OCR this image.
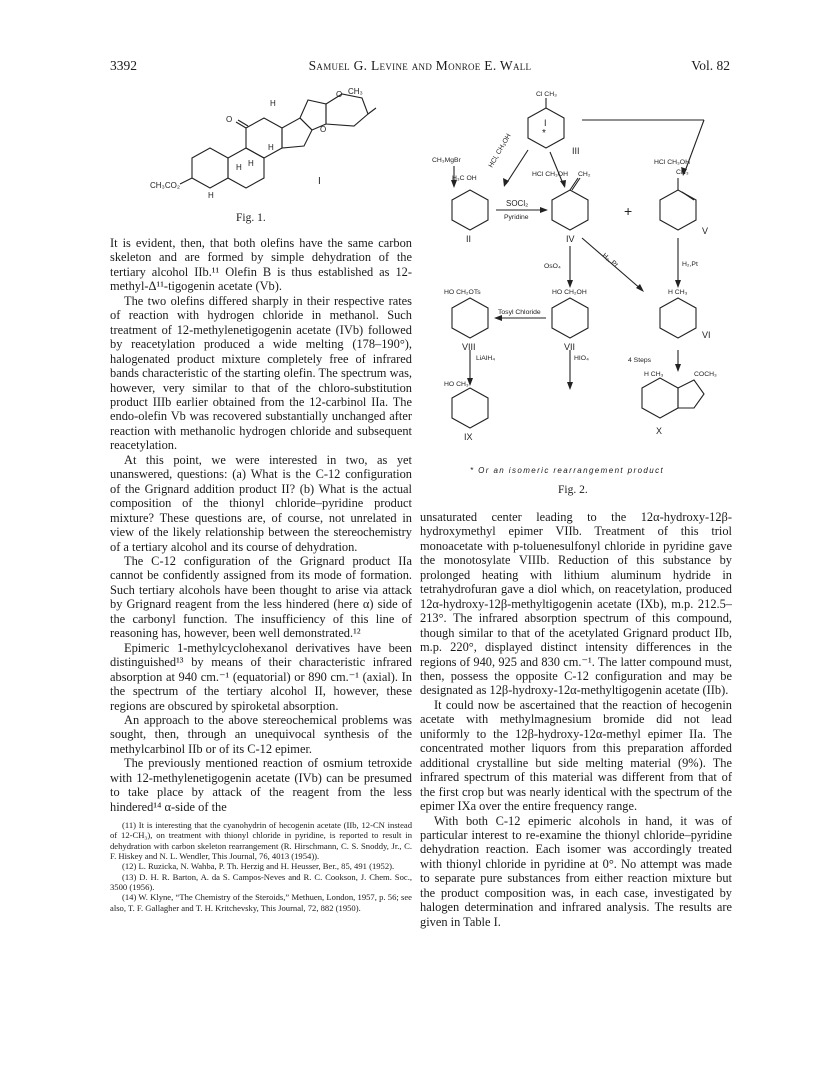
3392	Samuel G. Levine and Monroe E. Wall	Vol. 82
CH₃
H
O
O
O
H
H
H
H
CH₃CO₂	I
Fig. 1.
I
II
III
IV
V
VI
VII
VIII
IX
X
CH₃MgBr	HCl, CH₃OH
HCl CH₃OH
HCl CH₃OH
SOCl₂
Pyridine
OsO₄	H₂, Pt	H₂,Pt
Tosyl Chloride
LiAlH₄	HIO₄	4 Steps
Cl CH₃
H₃C OH
CH₂	CH₃
HO CH₂OTs	HO CH₂OH	H CH₃
HO CH₃
H CH₃	COCH₃
*
+
* Or an isomeric rearrangement product
Fig. 2.

It is evident, then, that both olefins have the same carbon skeleton and are formed by simple dehydration of the tertiary alcohol IIb.¹¹ Olefin B is thus established as 12-methyl-Δ¹¹-tigogenin acetate (Vb).

The two olefins differed sharply in their respective rates of reaction with hydrogen chloride in methanol. Such treatment of 12-methylenetigogenin acetate (IVb) followed by reacetylation produced a wide melting (178–190°), halogenated product mixture completely free of infrared bands characteristic of the starting olefin. The spectrum was, however, very similar to that of the chloro-substitution product IIIb earlier obtained from the 12-carbinol IIa. The endo-olefin Vb was recovered substantially unchanged after reaction with methanolic hydrogen chloride and subsequent reacetylation.

At this point, we were interested in two, as yet unanswered, questions: (a) What is the C-12 configuration of the Grignard addition product II? (b) What is the actual composition of the thionyl chloride–pyridine product mixture? These questions are, of course, not unrelated in view of the likely relationship between the stereochemistry of a tertiary alcohol and its course of dehydration.

The C-12 configuration of the Grignard product IIa cannot be confidently assigned from its mode of formation. Such tertiary alcohols have been thought to arise via attack by Grignard reagent from the less hindered (here α) side of the carbonyl function. The insufficiency of this line of reasoning has, however, been well demonstrated.¹²

Epimeric 1-methylcyclohexanol derivatives have been distinguished¹³ by means of their characteristic infrared absorption at 940 cm.⁻¹ (equatorial) or 890 cm.⁻¹ (axial). In the spectrum of the tertiary alcohol II, however, these regions are obscured by spiroketal absorption.

An approach to the above stereochemical problems was sought, then, through an unequivocal synthesis of the methylcarbinol IIb or of its C-12 epimer.

The previously mentioned reaction of osmium tetroxide with 12-methylenetigogenin acetate (IVb) can be presumed to take place by attack of the reagent from the less hindered¹⁴ α-side of the

(11) It is interesting that the cyanohydrin of hecogenin acetate (IIb, 12-CN instead of 12-CH₃), on treatment with thionyl chloride in pyridine, is reported to result in dehydration with carbon skeleton rearrangement (R. Hirschmann, C. S. Snoddy, Jr., C. F. Hiskey and N. L. Wendler, This Journal, 76, 4013 (1954)).

(12) L. Ruzicka, N. Wahba, P. Th. Herzig and H. Heusser, Ber., 85, 491 (1952).

(13) D. H. R. Barton, A. da S. Campos-Neves and R. C. Cookson, J. Chem. Soc., 3500 (1956).

(14) W. Klyne, “The Chemistry of the Steroids,” Methuen, London, 1957, p. 56; see also, T. F. Gallagher and T. H. Kritchevsky, This Journal, 72, 882 (1950).

unsaturated center leading to the 12α-hydroxy-12β-hydroxymethyl epimer VIIb. Treatment of this triol monoacetate with p-toluenesulfonyl chloride in pyridine gave the monotosylate VIIIb. Reduction of this substance by prolonged heating with lithium aluminum hydride in tetrahydrofuran gave a diol which, on reacetylation, produced 12α-hydroxy-12β-methyltigogenin acetate (IXb), m.p. 212.5–213°. The infrared absorption spectrum of this compound, though similar to that of the acetylated Grignard product IIb, m.p. 220°, displayed distinct intensity differences in the regions of 940, 925 and 830 cm.⁻¹. The latter compound must, then, possess the opposite C-12 configuration and may be designated as 12β-hydroxy-12α-methyltigogenin acetate (IIb).

It could now be ascertained that the reaction of hecogenin acetate with methylmagnesium bromide did not lead uniformly to the 12β-hydroxy-12α-methyl epimer IIa. The concentrated mother liquors from this preparation afforded additional crystalline but side melting material (9%). The infrared spectrum of this material was different from that of the first crop but was nearly identical with the spectrum of the epimer IXa over the entire frequency range.

With both C-12 epimeric alcohols in hand, it was of particular interest to re-examine the thionyl chloride–pyridine dehydration reaction. Each isomer was accordingly treated with thionyl chloride in pyridine at 0°. No attempt was made to separate pure substances from either reaction mixture but the product composition was, in each case, investigated by halogen determination and infrared analysis. The results are given in Table I.
